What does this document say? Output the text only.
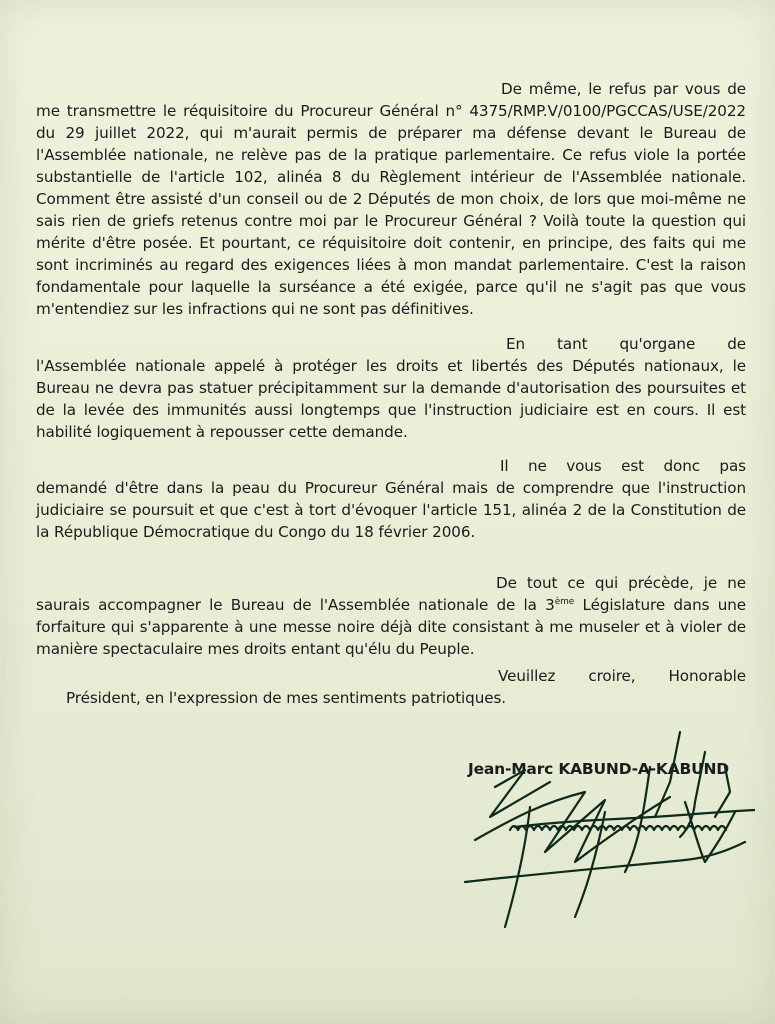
De même, le refus par vous de me transmettre le réquisitoire du Procureur Général n° 4375/RMP.V/0100/PGCCAS/USE/2022 du 29 juillet 2022, qui m'aurait permis de préparer ma défense devant le Bureau de l'Assemblée nationale, ne relève pas de la pratique parlementaire. Ce refus viole la portée substantielle de l'article 102, alinéa 8 du Règlement intérieur de l'Assemblée nationale. Comment être assisté d'un conseil ou de 2 Députés de mon choix, de lors que moi-même ne sais rien de griefs retenus contre moi par le Procureur Général ? Voilà toute la question qui mérite d'être posée. Et pourtant, ce réquisitoire doit contenir, en principe, des faits qui me sont incriminés au regard des exigences liées à mon mandat parlementaire. C'est la raison fondamentale pour laquelle la surséance a été exigée, parce qu'il ne s'agit pas que vous m'entendiez sur les infractions qui ne sont pas définitives.
En tant qu'organe de l'Assemblée nationale appelé à protéger les droits et libertés des Députés nationaux, le Bureau ne devra pas statuer précipitamment sur la demande d'autorisation des poursuites et de la levée des immunités aussi longtemps que l'instruction judiciaire est en cours. Il est habilité logiquement à repousser cette demande.
Il ne vous est donc pas demandé d'être dans la peau du Procureur Général mais de comprendre que l'instruction judiciaire se poursuit et que c'est à tort d'évoquer l'article 151, alinéa 2 de la Constitution de la République Démocratique du Congo du 18 février 2006.
De tout ce qui précède, je ne saurais accompagner le Bureau de l'Assemblée nationale de la 3ème Législature dans une forfaiture qui s'apparente à une messe noire déjà dite consistant à me museler et à violer de manière spectaculaire mes droits entant qu'élu du Peuple.
Veuillez croire, Honorable
Président, en l'expression de mes sentiments patriotiques.
Jean-Marc KABUND-A-KABUND
